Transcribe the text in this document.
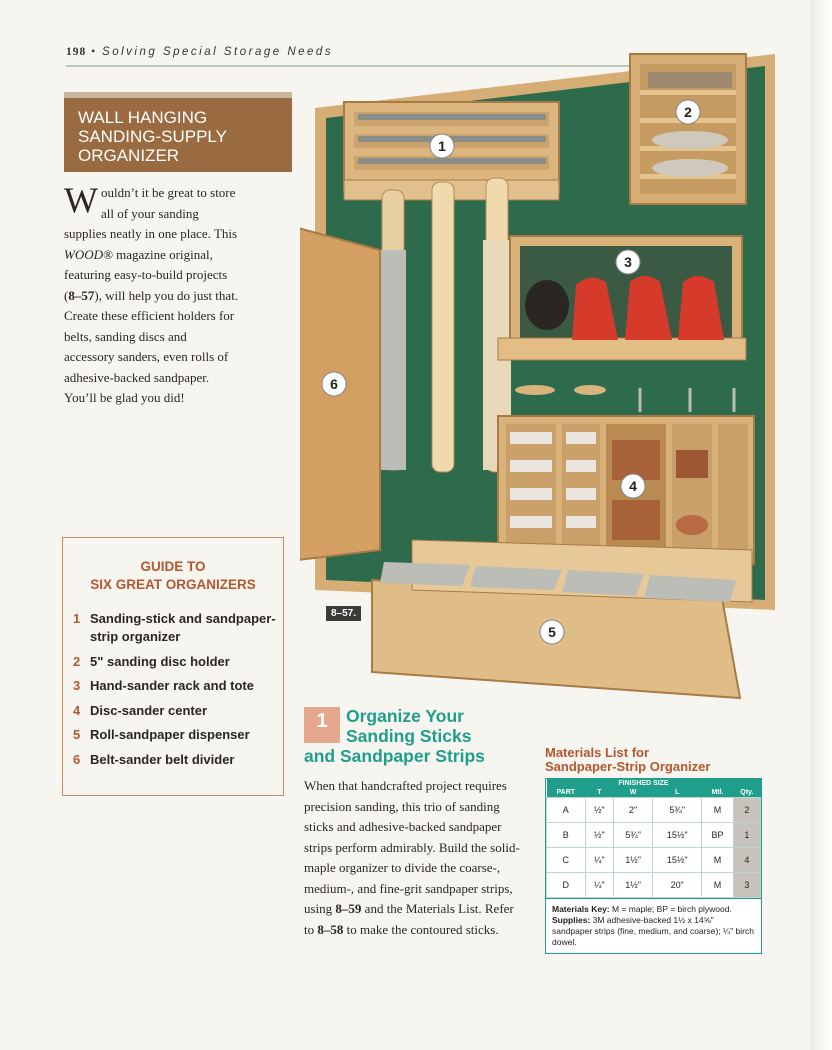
198 • Solving Special Storage Needs
WALL HANGING
SANDING-SUPPLY
ORGANIZER
Wouldn’t it be great to store all of your sanding supplies neatly in one place. This WOOD® magazine original, featuring easy-to-build projects (8–57), will help you do just that. Create these efficient holders for belts, sanding discs and accessory sanders, even rolls of adhesive-backed sandpaper. You’ll be glad you did!
GUIDE TO
SIX GREAT ORGANIZERS
1 Sanding-stick and sandpaper-strip organizer
2 5" sanding disc holder
3 Hand-sander rack and tote
4 Disc-sander center
5 Roll-sandpaper dispenser
6 Belt-sander belt divider
1
2
3
4
5
6
8–57.
1	Organize Your
Sanding Sticks
and Sandpaper Strips
When that handcrafted project requires precision sanding, this trio of sanding sticks and adhesive-backed sandpaper strips perform admirably. Build the solid-maple organizer to divide the coarse-, medium-, and fine-grit sandpaper strips, using 8–59 and the Materials List. Refer to 8–58 to make the contoured sticks.
Materials List for
Sandpaper-Strip Organizer
	FINISHED SIZE				
PART	T	W	L	Mtl.	Qty.
A	½"	2"	5¾"	M	2
B	½"	5¾"	15½"	BP	1
C	¼"	1½"	15½"	M	4
D	¼"	1½"	20"	M	3
Materials Key: M = maple; BP = birch plywood.
Supplies: 3M adhesive-backed 1½ x 14⅝" sandpaper strips (fine, medium, and coarse); ¼" birch dowel.
